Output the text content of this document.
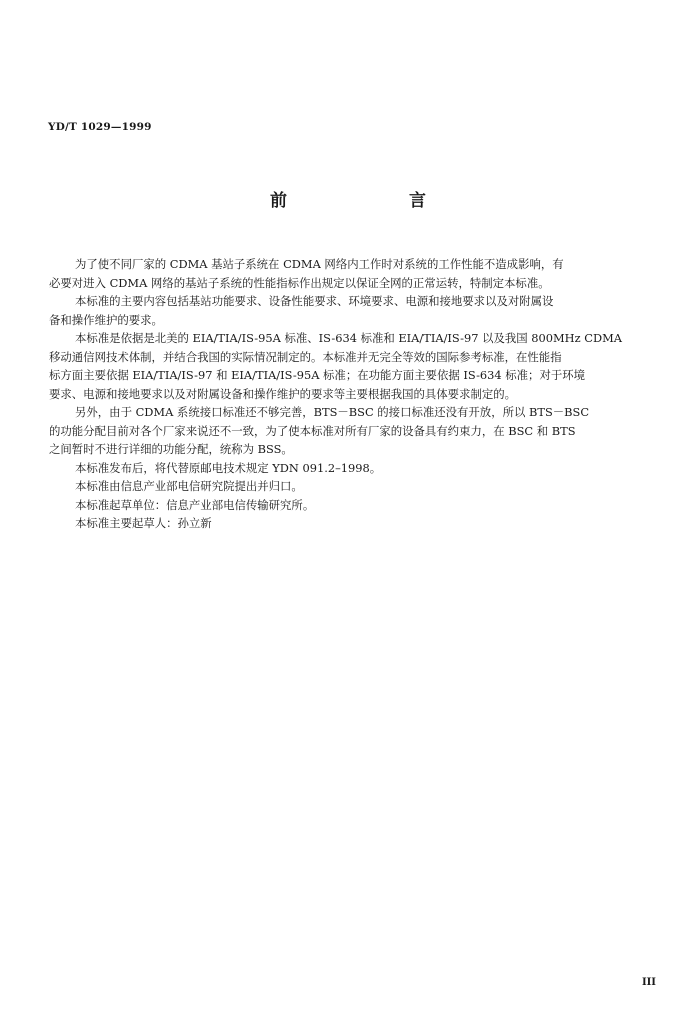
YD/T 1029—1999
前 言
为了使不同厂家的 CDMA 基站子系统在 CDMA 网络内工作时对系统的工作性能不造成影响，有
必要对进入 CDMA 网络的基站子系统的性能指标作出规定以保证全网的正常运转，特制定本标准。
本标准的主要内容包括基站功能要求、设备性能要求、环境要求、电源和接地要求以及对附属设
备和操作维护的要求。
本标准是依据是北美的 EIA/TIA/IS-95A 标准、IS-634 标准和 EIA/TIA/IS-97 以及我国 800MHz CDMA
移动通信网技术体制，并结合我国的实际情况制定的。本标准并无完全等效的国际参考标准，在性能指
标方面主要依据 EIA/TIA/IS-97 和 EIA/TIA/IS-95A 标准；在功能方面主要依据 IS-634 标准；对于环境
要求、电源和接地要求以及对附属设备和操作维护的要求等主要根据我国的具体要求制定的。
另外，由于 CDMA 系统接口标准还不够完善，BTS－BSC 的接口标准还没有开放，所以 BTS－BSC
的功能分配目前对各个厂家来说还不一致，为了使本标准对所有厂家的设备具有约束力，在 BSC 和 BTS
之间暂时不进行详细的功能分配，统称为 BSS。
本标准发布后，将代替原邮电技术规定 YDN 091.2–1998。
本标准由信息产业部电信研究院提出并归口。
本标准起草单位：信息产业部电信传输研究所。
本标准主要起草人：孙立新
III
